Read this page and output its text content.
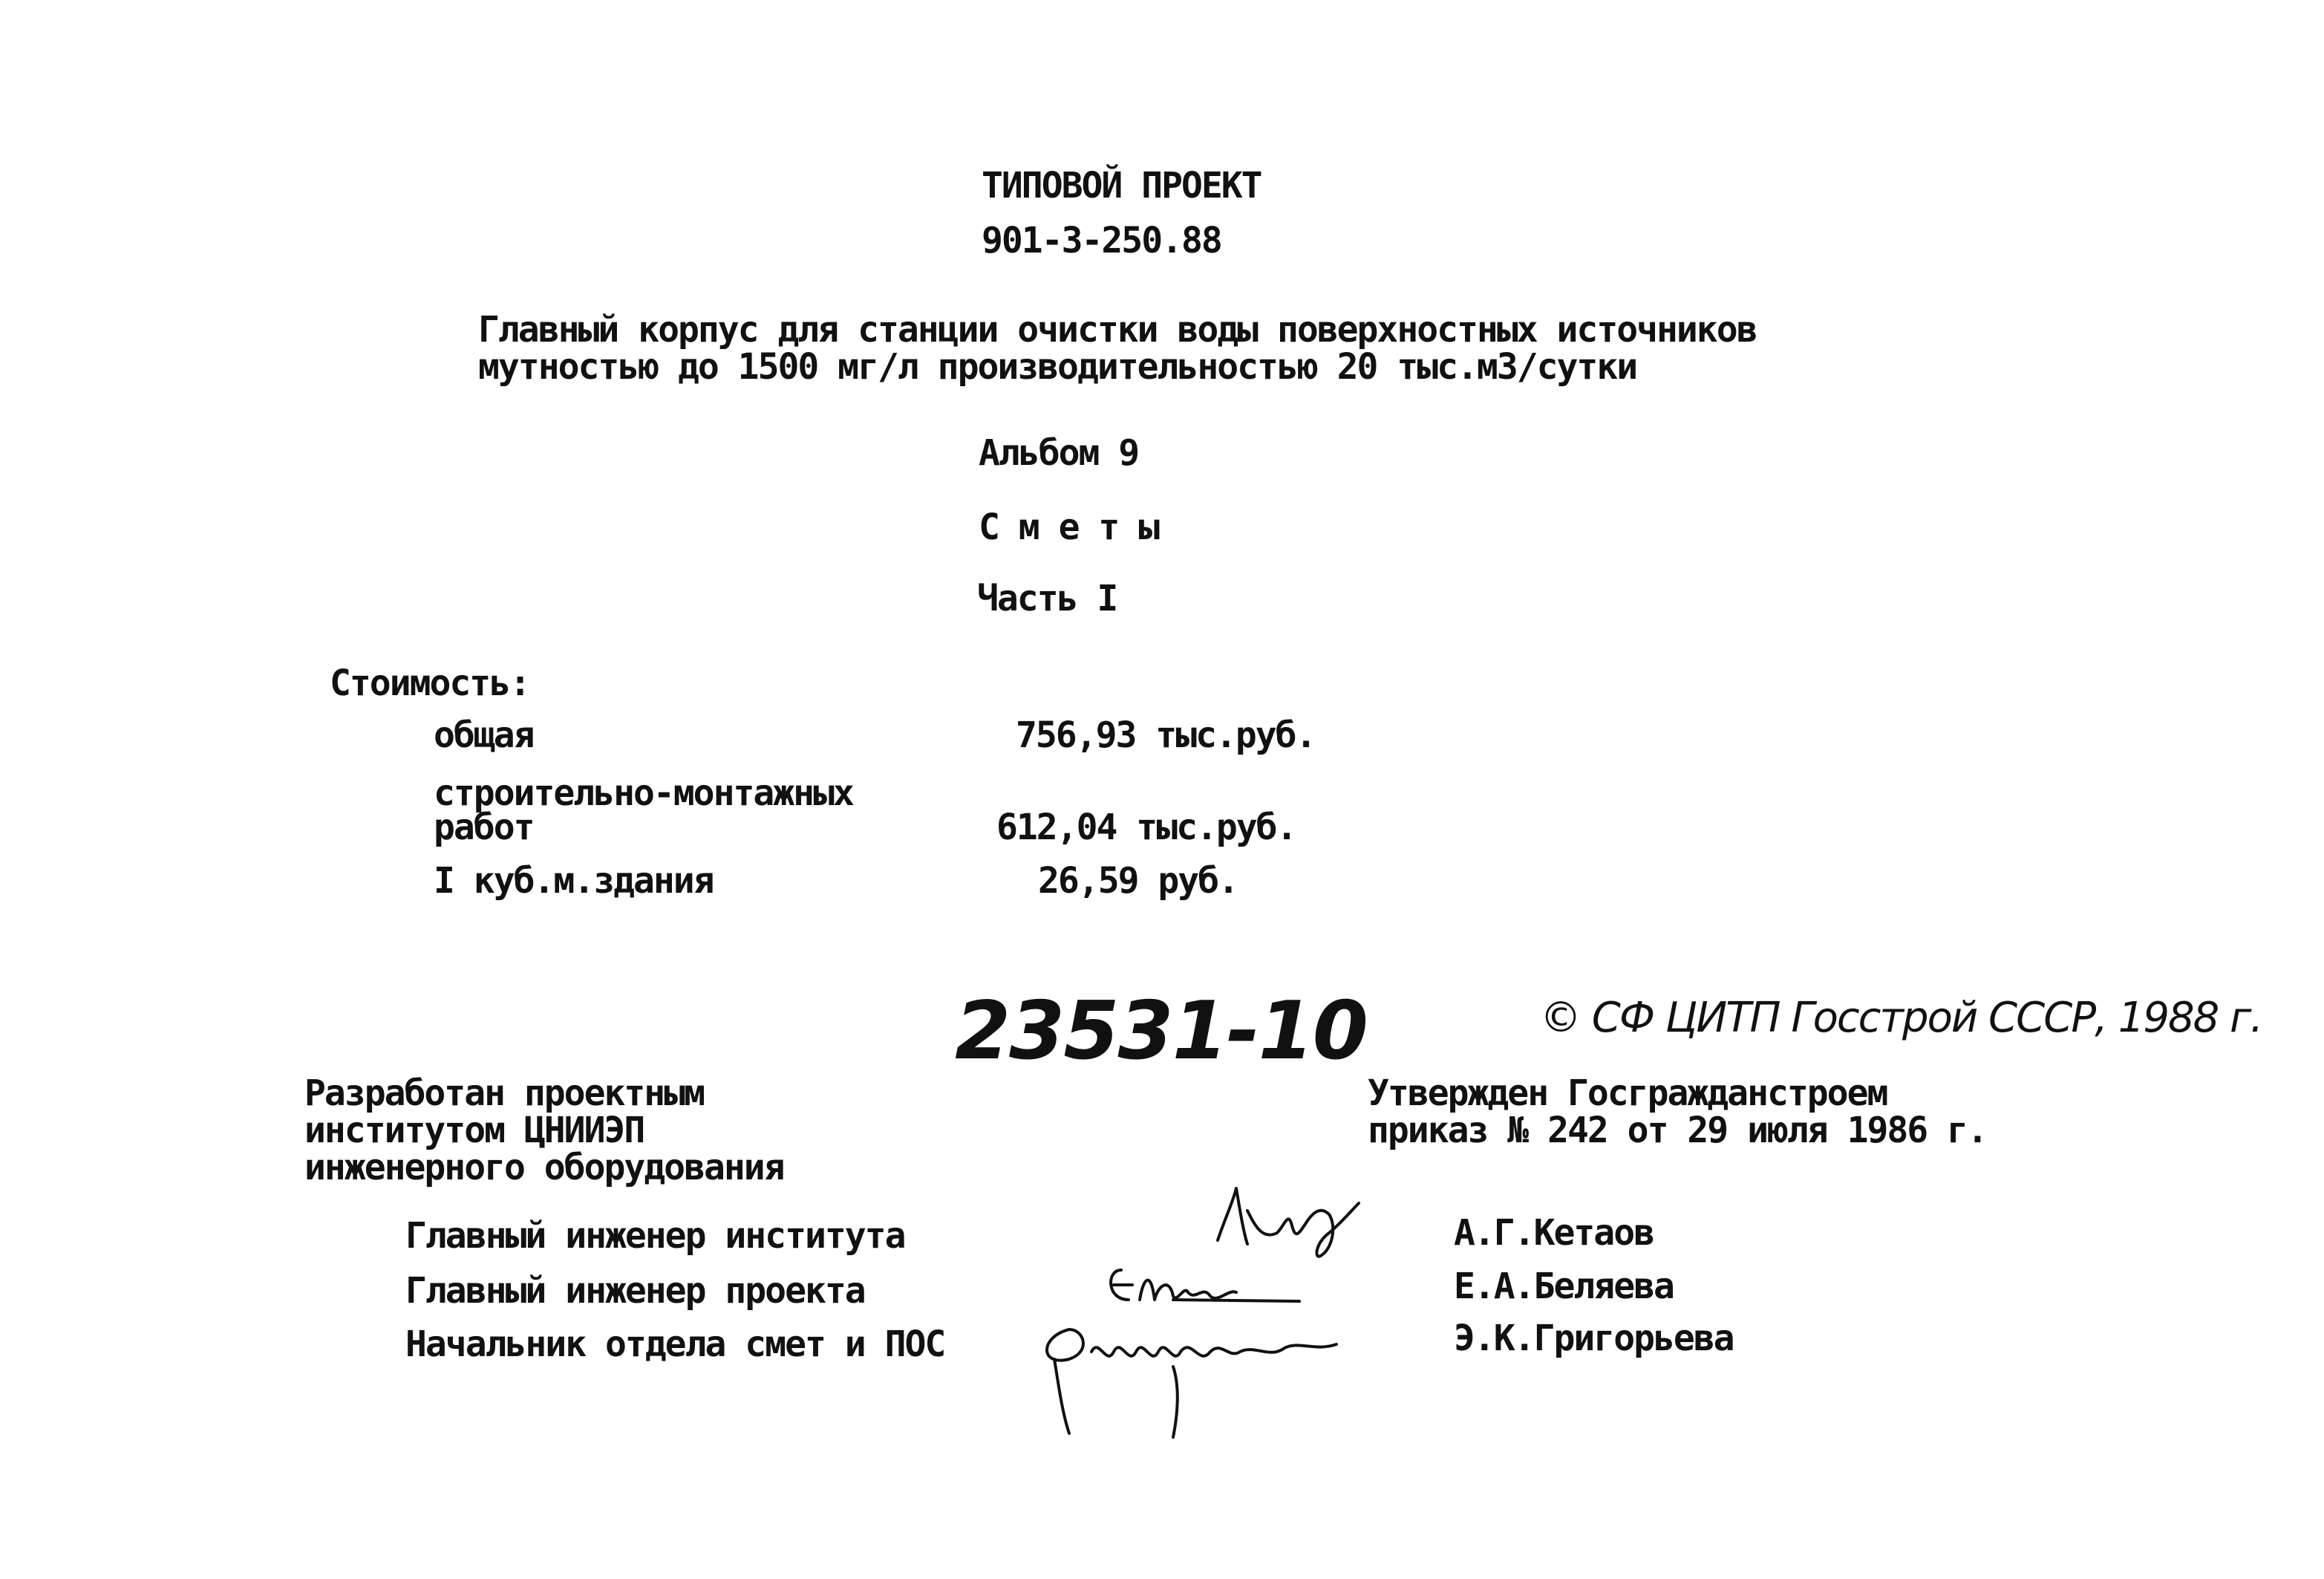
ТИПОВОЙ ПРОЕКТ
901-3-250.88
Главный корпус для станции очистки воды поверхностных источников
мутностью до 1500 мг/л производительностью 20 тыс.м3/сутки
Альбом 9
С м е т ы
Часть I
Стоимость:
общая	756,93 тыс.руб.
строительно-монтажных
работ	612,04 тыс.руб.
I куб.м.здания	26,59 руб.
23531-10	© СФ ЦИТП Госстрой СССР, 1988 г.
Разработан проектным
институтом ЦНИИЭП
инженерного оборудования
Утвержден Госгражданстроем
приказ № 242 от 29 июля 1986 г.
Главный инженер института	А.Г.Кетаов
Главный инженер проекта	Е.А.Беляева
Начальник отдела смет и ПОС	Э.К.Григорьева
